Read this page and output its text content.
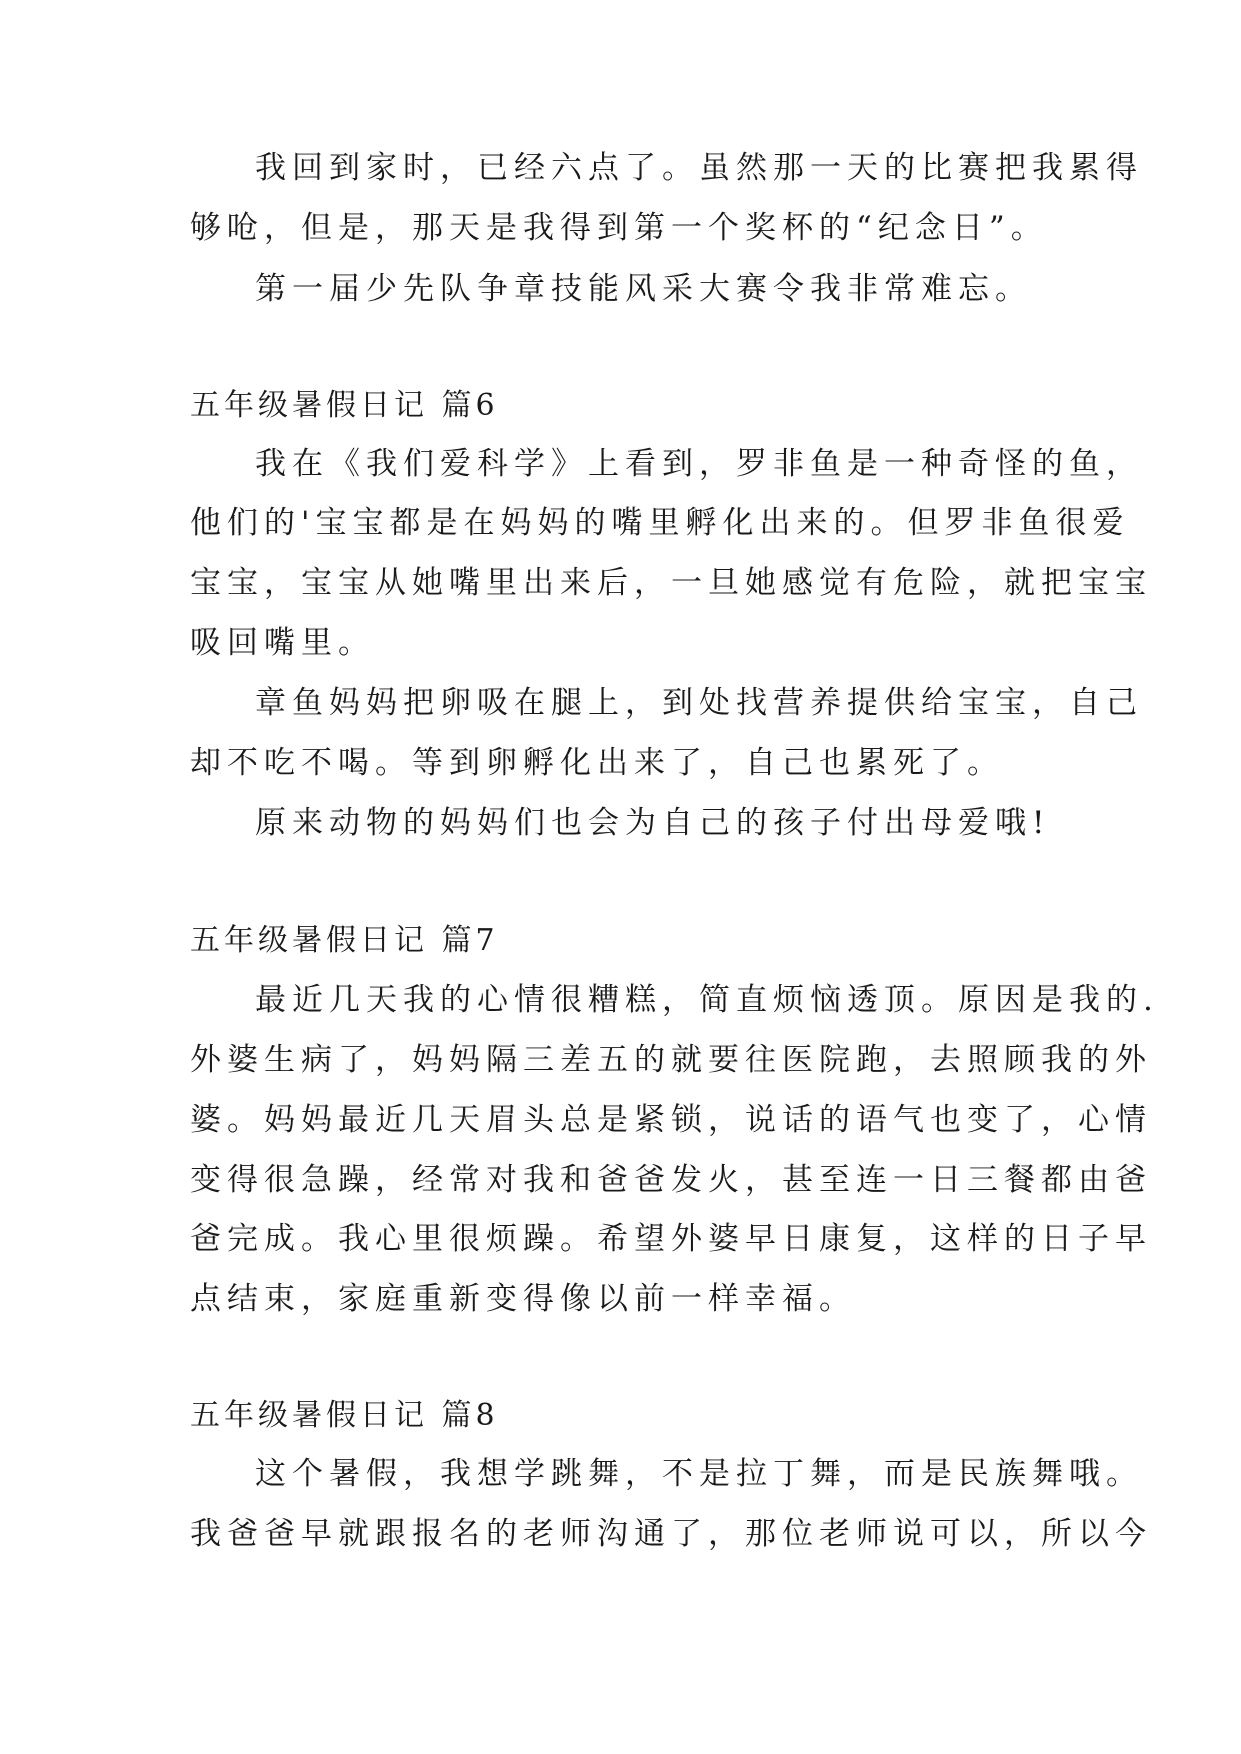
我回到家时，已经六点了。虽然那一天的比赛把我累得
够呛，但是，那天是我得到第一个奖杯的“纪念日”。
第一届少先队争章技能风采大赛令我非常难忘。
五年级暑假日记 篇6
我在《我们爱科学》上看到，罗非鱼是一种奇怪的鱼，
他们的'宝宝都是在妈妈的嘴里孵化出来的。但罗非鱼很爱
宝宝，宝宝从她嘴里出来后，一旦她感觉有危险，就把宝宝
吸回嘴里。
章鱼妈妈把卵吸在腿上，到处找营养提供给宝宝，自己
却不吃不喝。等到卵孵化出来了，自己也累死了。
原来动物的妈妈们也会为自己的孩子付出母爱哦!
五年级暑假日记 篇7
最近几天我的心情很糟糕，简直烦恼透顶。原因是我的.
外婆生病了，妈妈隔三差五的就要往医院跑，去照顾我的外
婆。妈妈最近几天眉头总是紧锁，说话的语气也变了，心情
变得很急躁，经常对我和爸爸发火，甚至连一日三餐都由爸
爸完成。我心里很烦躁。希望外婆早日康复，这样的日子早
点结束，家庭重新变得像以前一样幸福。
五年级暑假日记 篇8
这个暑假，我想学跳舞，不是拉丁舞，而是民族舞哦。
我爸爸早就跟报名的老师沟通了，那位老师说可以，所以今
